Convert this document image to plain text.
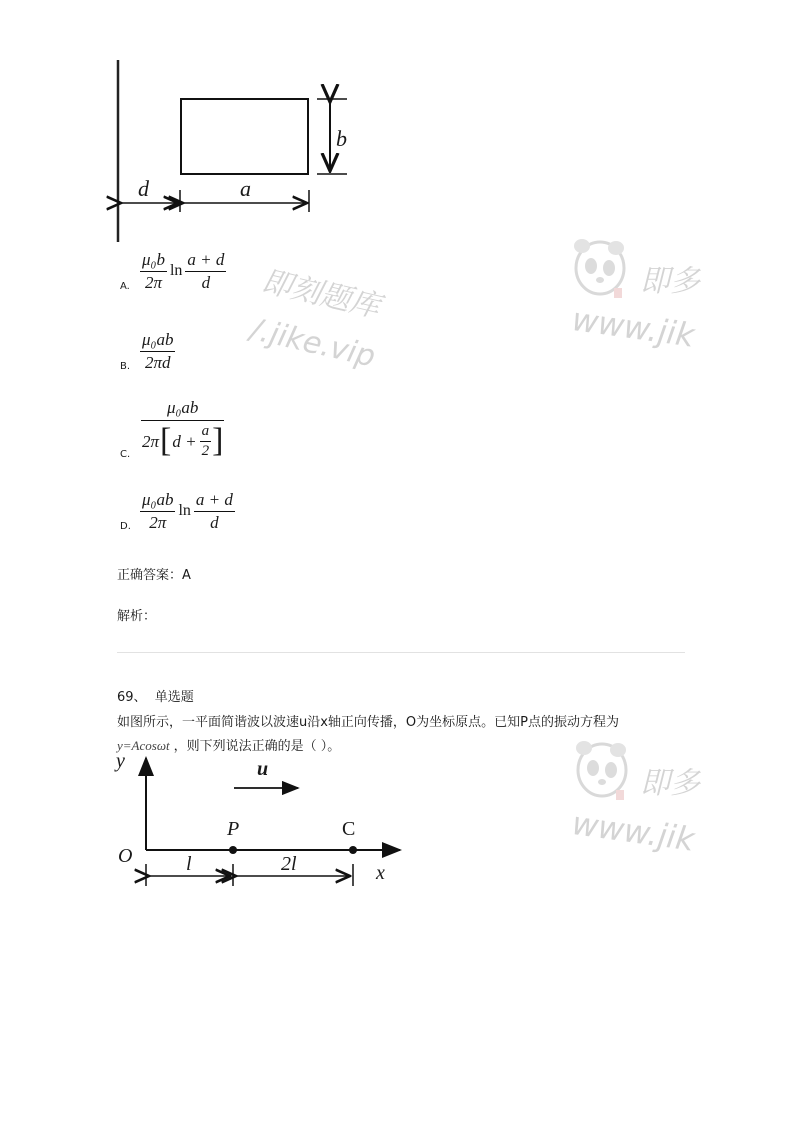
即刻题库
/.jike.vip
即多
www.jik
即多
www.jik
b
d	a
A. $\frac{\text{μ₀b}}{2\pi}$ $\ln \frac{a + d}{d}$
B. $\frac{\text{μ₀ab}}{2\pi d}$
C. $\frac{\text{μ₀ab}}{2\pi [ d + \frac{a}{2} ]}$
D. $\frac{\text{μ₀ab}}{2\pi}$ $\ln \frac{a + d}{d}$
正确答案：A
解析：
69、 单选题
如图所示，一平面简谐波以波速u沿x轴正向传播，O为坐标原点。已知P点的振动方程为
y=Acosωt ，则下列说法正确的是（ ）。
y	u
P	C
O	l	2l	x
